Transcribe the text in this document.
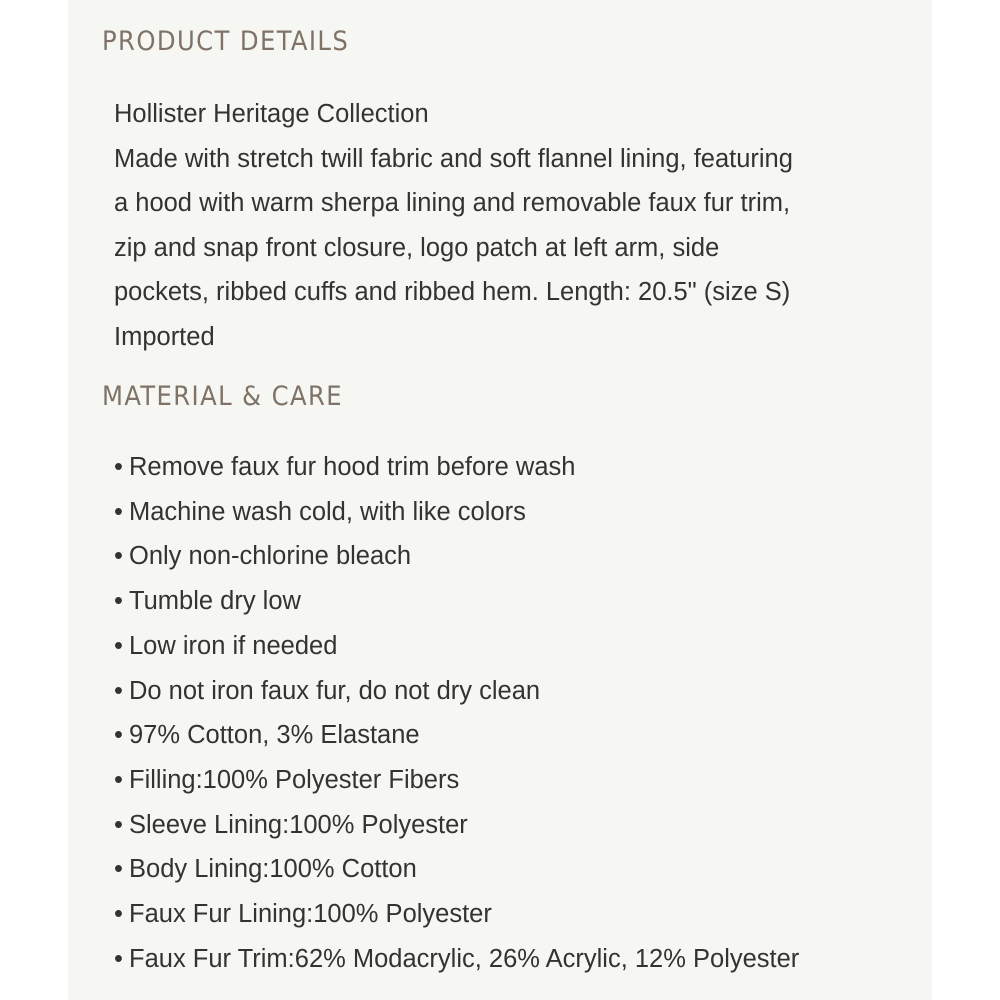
PRODUCT DETAILS

Hollister Heritage Collection

Made with stretch twill fabric and soft flannel lining, featuring

a hood with warm sherpa lining and removable faux fur trim,

zip and snap front closure, logo patch at left arm, side

pockets, ribbed cuffs and ribbed hem. Length: 20.5" (size S)

Imported

MATERIAL & CARE
• Remove faux fur hood trim before wash
• Machine wash cold, with like colors
• Only non-chlorine bleach
• Tumble dry low
• Low iron if needed
• Do not iron faux fur, do not dry clean
• 97% Cotton, 3% Elastane
• Filling:100% Polyester Fibers
• Sleeve Lining:100% Polyester
• Body Lining:100% Cotton
• Faux Fur Lining:100% Polyester
• Faux Fur Trim:62% Modacrylic, 26% Acrylic, 12% Polyester
